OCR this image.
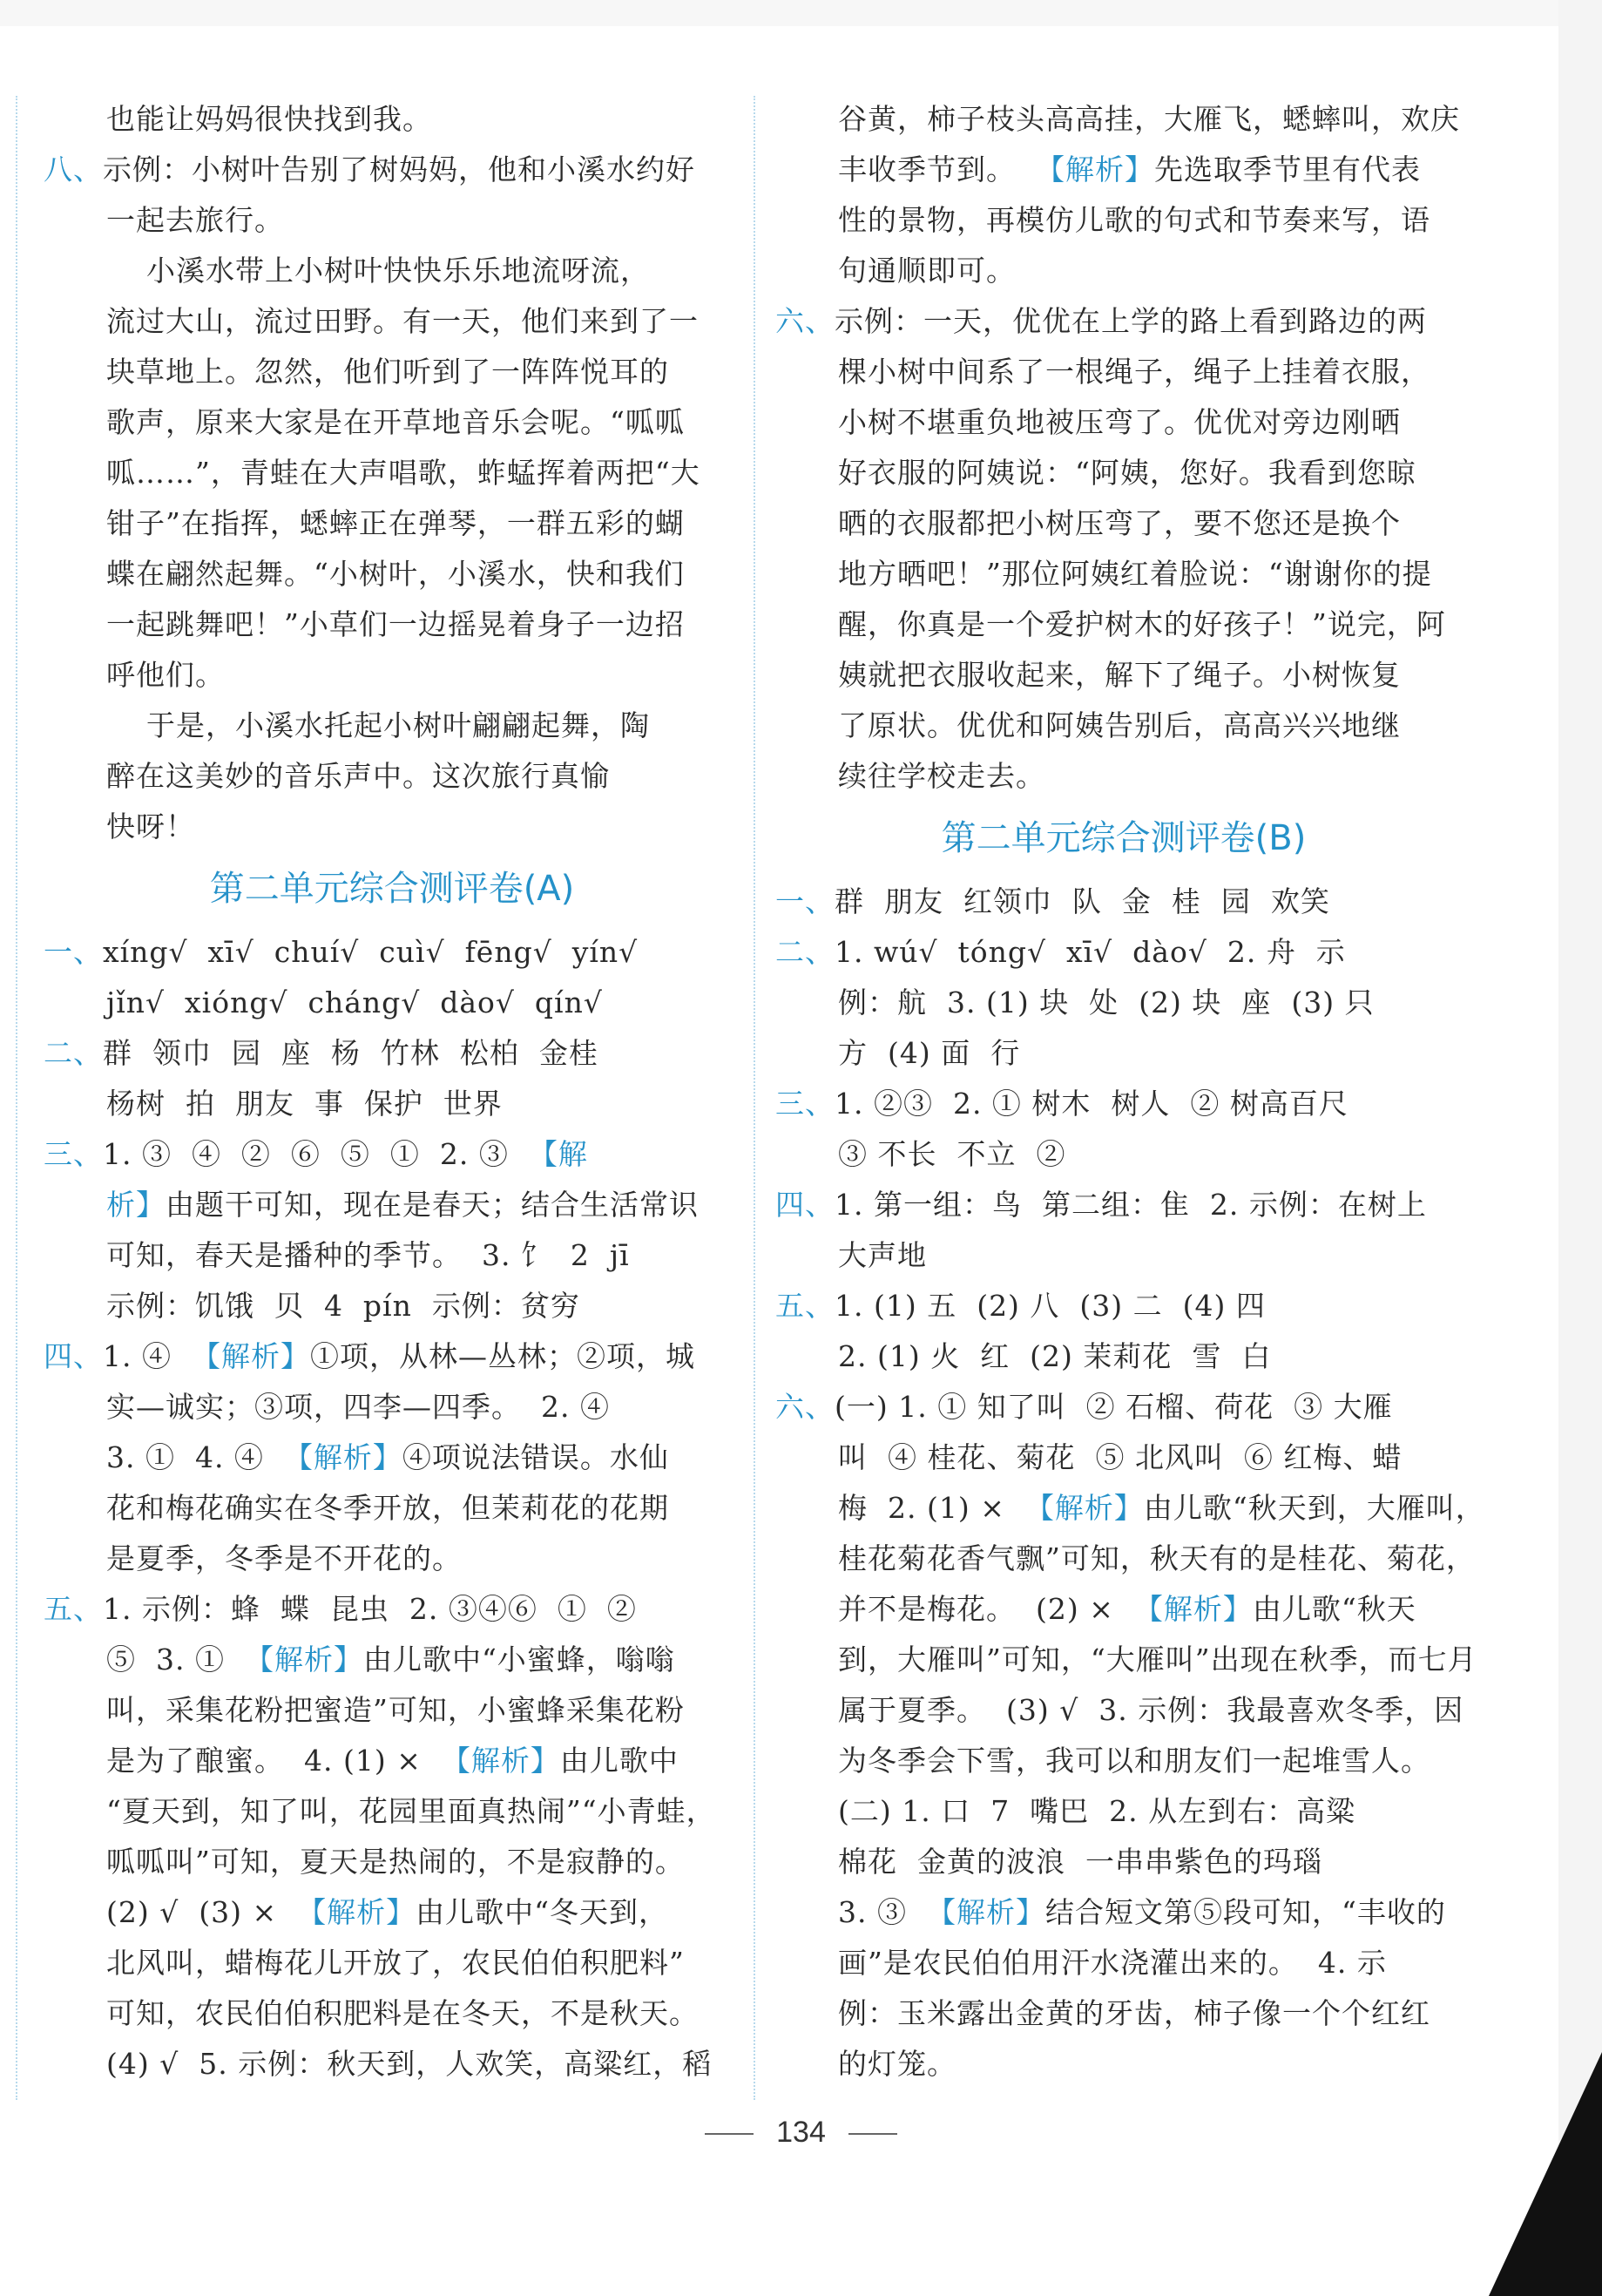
也能让妈妈很快找到我。
八、示例：小树叶告别了树妈妈，他和小溪水约好
一起去旅行。
小溪水带上小树叶快快乐乐地流呀流，
流过大山，流过田野。有一天，他们来到了一
块草地上。忽然，他们听到了一阵阵悦耳的
歌声，原来大家是在开草地音乐会呢。“呱呱
呱……”，青蛙在大声唱歌，蚱蜢挥着两把“大
钳子”在指挥，蟋蟀正在弹琴，一群五彩的蝴
蝶在翩然起舞。“小树叶，小溪水，快和我们
一起跳舞吧！”小草们一边摇晃着身子一边招
呼他们。
于是，小溪水托起小树叶翩翩起舞，陶
醉在这美妙的音乐声中。这次旅行真愉
快呀！
第二单元综合测评卷(A)
一、xíng√  xī√  chuí√  cuì√  fēng√  yín√
jǐn√  xióng√  cháng√  dào√  qín√
二、群  领巾  园  座  杨  竹林  松柏  金桂
杨树  拍  朋友  事  保护  世界
三、1. ③  ④  ②  ⑥  ⑤  ①  2. ③  【解
析】由题干可知，现在是春天；结合生活常识
可知，春天是播种的季节。  3. 饣  2  jī
示例：饥饿  贝  4  pín  示例：贫穷
四、1. ④  【解析】①项，从林—丛林；②项，城
实—诚实；③项，四李—四季。  2. ④
3. ①  4. ④  【解析】④项说法错误。水仙
花和梅花确实在冬季开放，但茉莉花的花期
是夏季，冬季是不开花的。
五、1. 示例：蜂  蝶  昆虫  2. ③④⑥  ①  ②
⑤  3. ①  【解析】由儿歌中“小蜜蜂，嗡嗡
叫，采集花粉把蜜造”可知，小蜜蜂采集花粉
是为了酿蜜。  4. (1) ×  【解析】由儿歌中
“夏天到，知了叫，花园里面真热闹”“小青蛙，
呱呱叫”可知，夏天是热闹的，不是寂静的。
(2) √  (3) ×  【解析】由儿歌中“冬天到，
北风叫，蜡梅花儿开放了，农民伯伯积肥料”
可知，农民伯伯积肥料是在冬天，不是秋天。
(4) √  5. 示例：秋天到，人欢笑，高粱红，稻
谷黄，柿子枝头高高挂，大雁飞，蟋蟀叫，欢庆
丰收季节到。  【解析】先选取季节里有代表
性的景物，再模仿儿歌的句式和节奏来写，语
句通顺即可。
六、示例：一天，优优在上学的路上看到路边的两
棵小树中间系了一根绳子，绳子上挂着衣服，
小树不堪重负地被压弯了。优优对旁边刚晒
好衣服的阿姨说：“阿姨，您好。我看到您晾
晒的衣服都把小树压弯了，要不您还是换个
地方晒吧！”那位阿姨红着脸说：“谢谢你的提
醒，你真是一个爱护树木的好孩子！”说完，阿
姨就把衣服收起来，解下了绳子。小树恢复
了原状。优优和阿姨告别后，高高兴兴地继
续往学校走去。
第二单元综合测评卷(B)
一、群  朋友  红领巾  队  金  桂  园  欢笑
二、1. wú√  tóng√  xī√  dào√  2. 舟  示
例：航  3. (1) 块  处  (2) 块  座  (3) 只
方  (4) 面  行
三、1. ②③  2. ① 树木  树人  ② 树高百尺
③ 不长  不立  ②
四、1. 第一组：鸟  第二组：隹  2. 示例：在树上
大声地
五、1. (1) 五  (2) 八  (3) 二  (4) 四
2. (1) 火  红  (2) 茉莉花  雪  白
六、(一) 1. ① 知了叫  ② 石榴、荷花  ③ 大雁
叫  ④ 桂花、菊花  ⑤ 北风叫  ⑥ 红梅、蜡
梅  2. (1) ×  【解析】由儿歌“秋天到，大雁叫，
桂花菊花香气飘”可知，秋天有的是桂花、菊花，
并不是梅花。  (2) ×  【解析】由儿歌“秋天
到，大雁叫”可知，“大雁叫”出现在秋季，而七月
属于夏季。  (3) √  3. 示例：我最喜欢冬季，因
为冬季会下雪，我可以和朋友们一起堆雪人。
(二) 1. 口  7  嘴巴  2. 从左到右：高粱
棉花  金黄的波浪  一串串紫色的玛瑙
3. ③  【解析】结合短文第⑤段可知，“丰收的
画”是农民伯伯用汗水浇灌出来的。  4. 示
例：玉米露出金黄的牙齿，柿子像一个个红红
的灯笼。
134
